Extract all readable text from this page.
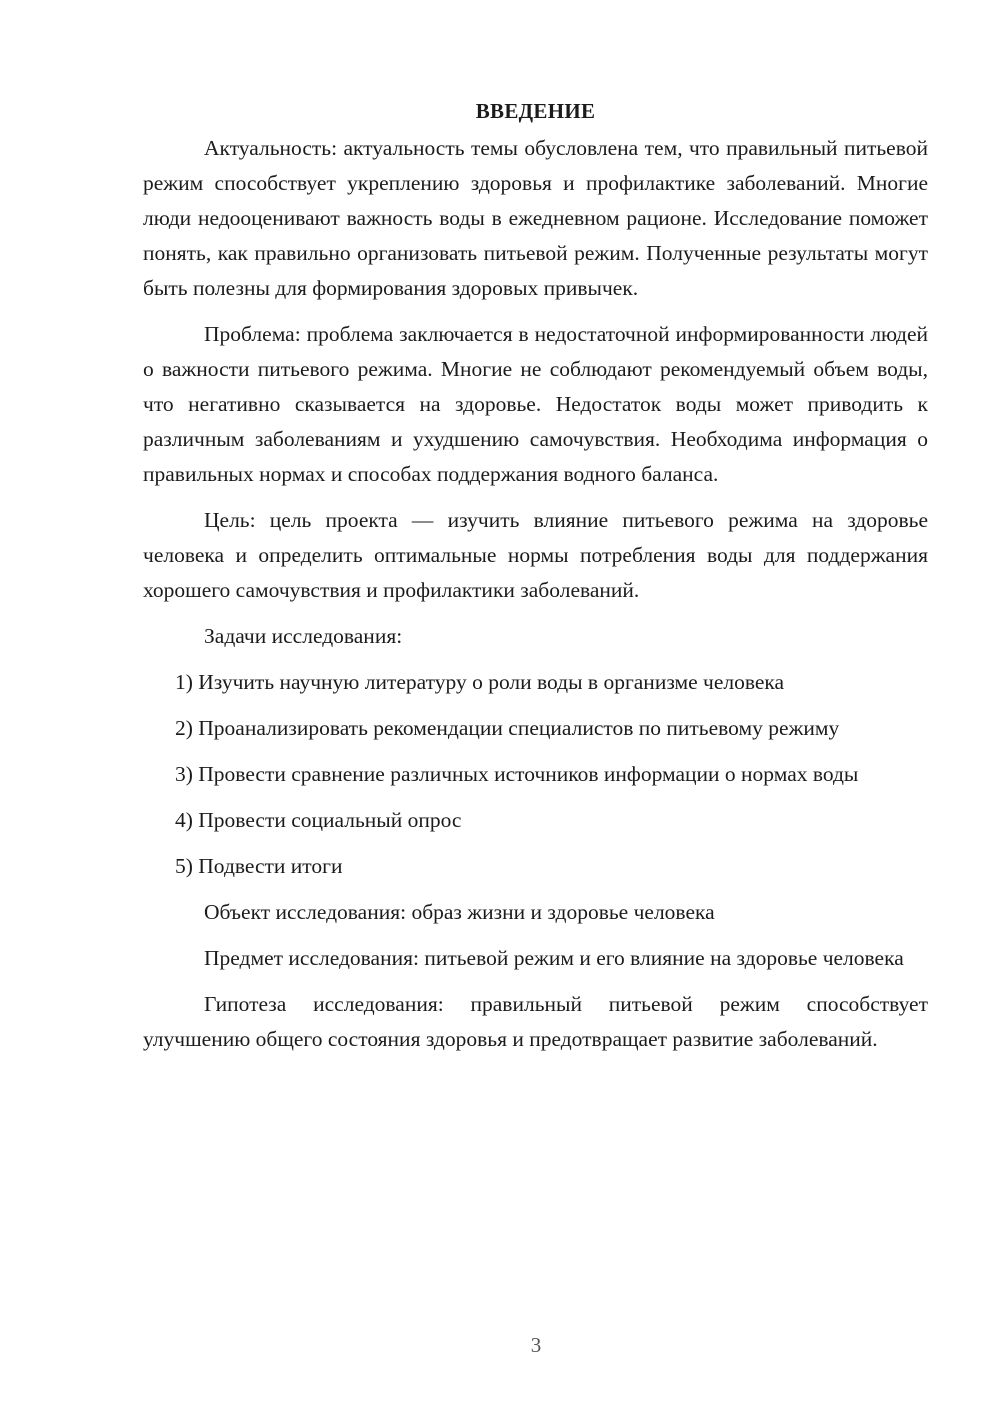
ВВЕДЕНИЕ

Актуальность: актуальность темы обусловлена тем, что правильный питьевой режим способствует укреплению здоровья и профилактике заболеваний. Многие люди недооценивают важность воды в ежедневном рационе. Исследование поможет понять, как правильно организовать питьевой режим. Полученные результаты могут быть полезны для формирования здоровых привычек.

Проблема: проблема заключается в недостаточной информированности людей о важности питьевого режима. Многие не соблюдают рекомендуемый объем воды, что негативно сказывается на здоровье. Недостаток воды может приводить к различным заболеваниям и ухудшению самочувствия. Необходима информация о правильных нормах и способах поддержания водного баланса.

Цель: цель проекта — изучить влияние питьевого режима на здоровье человека и определить оптимальные нормы потребления воды для поддержания хорошего самочувствия и профилактики заболеваний.

Задачи исследования:

1) Изучить научную литературу о роли воды в организме человека

2) Проанализировать рекомендации специалистов по питьевому режиму

3) Провести сравнение различных источников информации о нормах воды

4) Провести социальный опрос

5) Подвести итоги

Объект исследования: образ жизни и здоровье человека

Предмет исследования: питьевой режим и его влияние на здоровье человека

Гипотеза исследования: правильный питьевой режим способствует улучшению общего состояния здоровья и предотвращает развитие заболеваний.

3
